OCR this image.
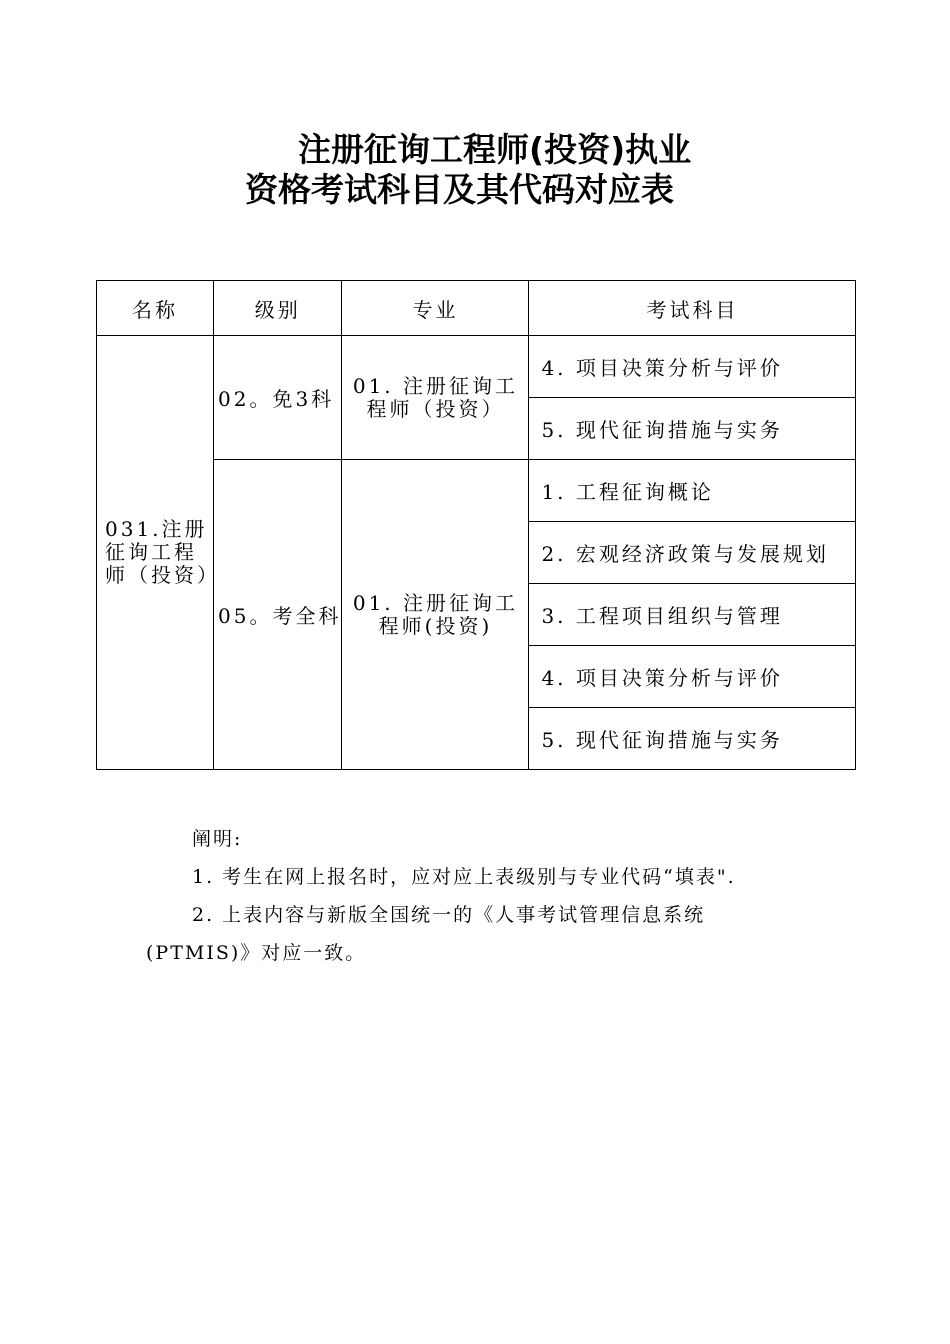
注册征询工程师(投资)执业
资格考试科目及其代码对应表
名称	级别	专业	考试科目
031.注册征询工程师（投资）	02。免3科	01. 注册征询工程师（投资）	4. 项目决策分析与评价
			5. 现代征询措施与实务
	05。考全科	01. 注册征询工程师(投资)	1. 工程征询概论
			2. 宏观经济政策与发展规划
			3. 工程项目组织与管理
			4. 项目决策分析与评价
			5. 现代征询措施与实务

阐明:

1. 考生在网上报名时，应对应上表级别与专业代码“填表".

2. 上表内容与新版全国统一的《人事考试管理信息系统

(PTMIS)》对应一致。
